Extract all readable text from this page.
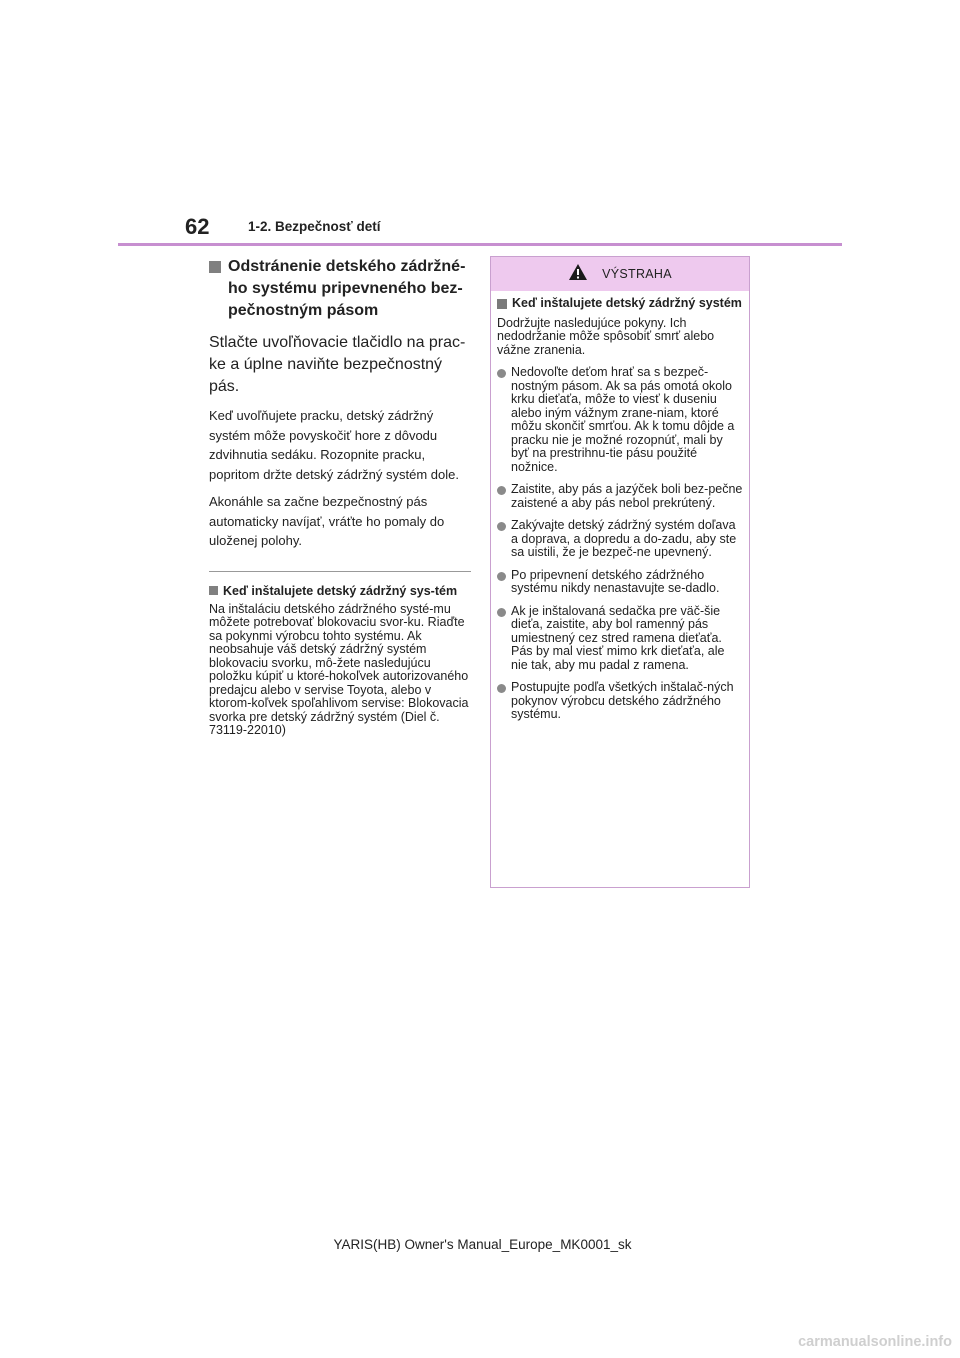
62	1-2. Bezpečnosť detí
Odstránenie detského zádržné-ho systému pripevneného bez-pečnostným pásom
Stlačte uvoľňovacie tlačidlo na prac-ke a úplne naviňte bezpečnostný pás.
Keď uvoľňujete pracku, detský zádržný systém môže povyskočiť hore z dôvodu zdvihnutia sedáku. Rozopnite pracku, popritom držte detský zádržný systém dole.
Akonáhle sa začne bezpečnostný pás automaticky navíjať, vráťte ho pomaly do uloženej polohy.
Keď inštalujete detský zádržný sys-tém
Na inštaláciu detského zádržného systé-mu môžete potrebovať blokovaciu svor-ku. Riaďte sa pokynmi výrobcu tohto systému. Ak neobsahuje váš detský zádržný systém blokovaciu svorku, mô-žete nasledujúcu položku kúpiť u ktoré-hokoľvek autorizovaného predajcu alebo v servise Toyota, alebo v ktorom-koľvek spoľahlivom servise: Blokovacia svorka pre detský zádržný systém (Diel č. 73119-22010)
VÝSTRAHA
Keď inštalujete detský zádržný systém
Dodržujte nasledujúce pokyny. Ich nedodržanie môže spôsobiť smrť alebo vážne zranenia.
Nedovoľte deťom hrať sa s bezpeč-nostným pásom. Ak sa pás omotá okolo krku dieťaťa, môže to viesť k duseniu alebo iným vážnym zrane-niam, ktoré môžu skončiť smrťou. Ak k tomu dôjde a pracku nie je možné rozopnúť, mali by byť na prestrihnu-tie pásu použité nožnice.
Zaistite, aby pás a jazýček boli bez-pečne zaistené a aby pás nebol prekrútený.
Zakývajte detský zádržný systém doľava a doprava, a dopredu a do-zadu, aby ste sa uistili, že je bezpeč-ne upevnený.
Po pripevnení detského zádržného systému nikdy nenastavujte se-dadlo.
Ak je inštalovaná sedačka pre väč-šie dieťa, zaistite, aby bol ramenný pás umiestnený cez stred ramena dieťaťa. Pás by mal viesť mimo krk dieťaťa, ale nie tak, aby mu padal z ramena.
Postupujte podľa všetkých inštalač-ných pokynov výrobcu detského zádržného systému.
YARIS(HB) Owner's Manual_Europe_MK0001_sk
carmanualsonline.info
